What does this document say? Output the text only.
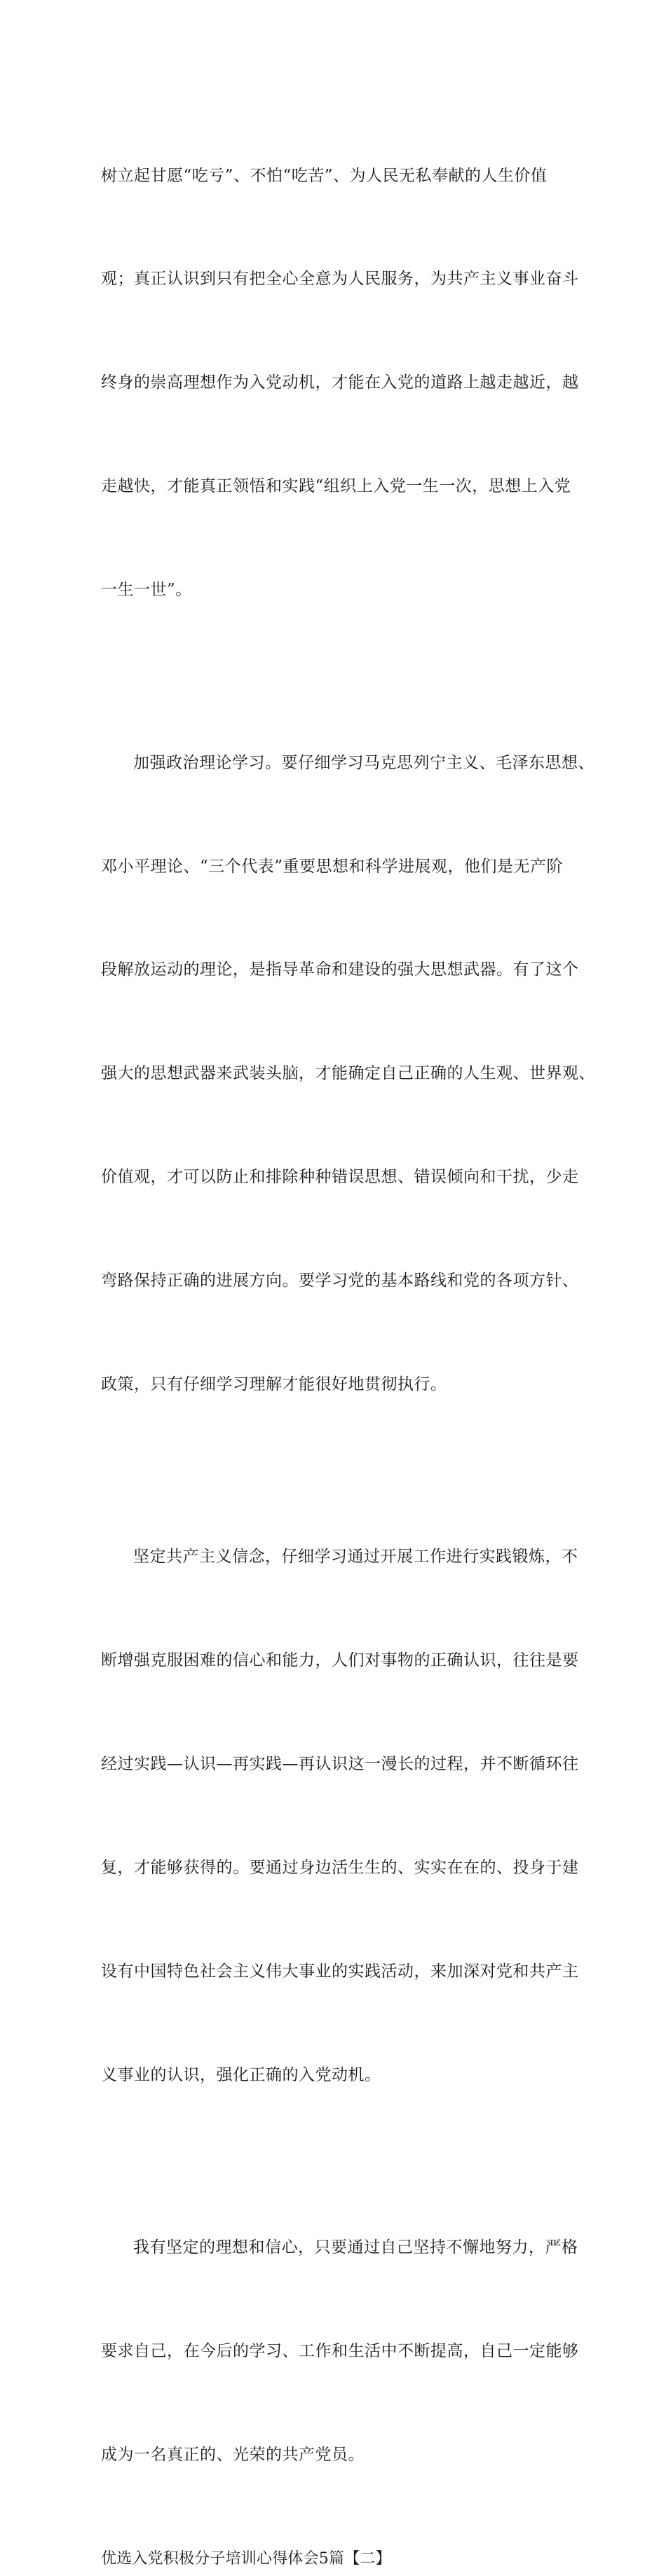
树立起甘愿“吃亏”、不怕“吃苦”、为人民无私奉献的人生价值

观；真正认识到只有把全心全意为人民服务，为共产主义事业奋斗

终身的崇高理想作为入党动机，才能在入党的道路上越走越近，越

走越快，才能真正领悟和实践“组织上入党一生一次，思想上入党

一生一世”。

加强政治理论学习。要仔细学习马克思列宁主义、毛泽东思想、

邓小平理论、“三个代表”重要思想和科学进展观，他们是无产阶

段解放运动的理论，是指导革命和建设的强大思想武器。有了这个

强大的思想武器来武装头脑，才能确定自己正确的人生观、世界观、

价值观，才可以防止和排除种种错误思想、错误倾向和干扰，少走

弯路保持正确的进展方向。要学习党的基本路线和党的各项方针、

政策，只有仔细学习理解才能很好地贯彻执行。

坚定共产主义信念，仔细学习通过开展工作进行实践锻炼，不

断增强克服困难的信心和能力，人们对事物的正确认识，往往是要

经过实践—认识—再实践—再认识这一漫长的过程，并不断循环往

复，才能够获得的。要通过身边活生生的、实实在在的、投身于建

设有中国特色社会主义伟大事业的实践活动，来加深对党和共产主

义事业的认识，强化正确的入党动机。

我有坚定的理想和信心，只要通过自己坚持不懈地努力，严格

要求自己，在今后的学习、工作和生活中不断提高，自己一定能够

成为一名真正的、光荣的共产党员。

优选入党积极分子培训心得体会5篇【二】
